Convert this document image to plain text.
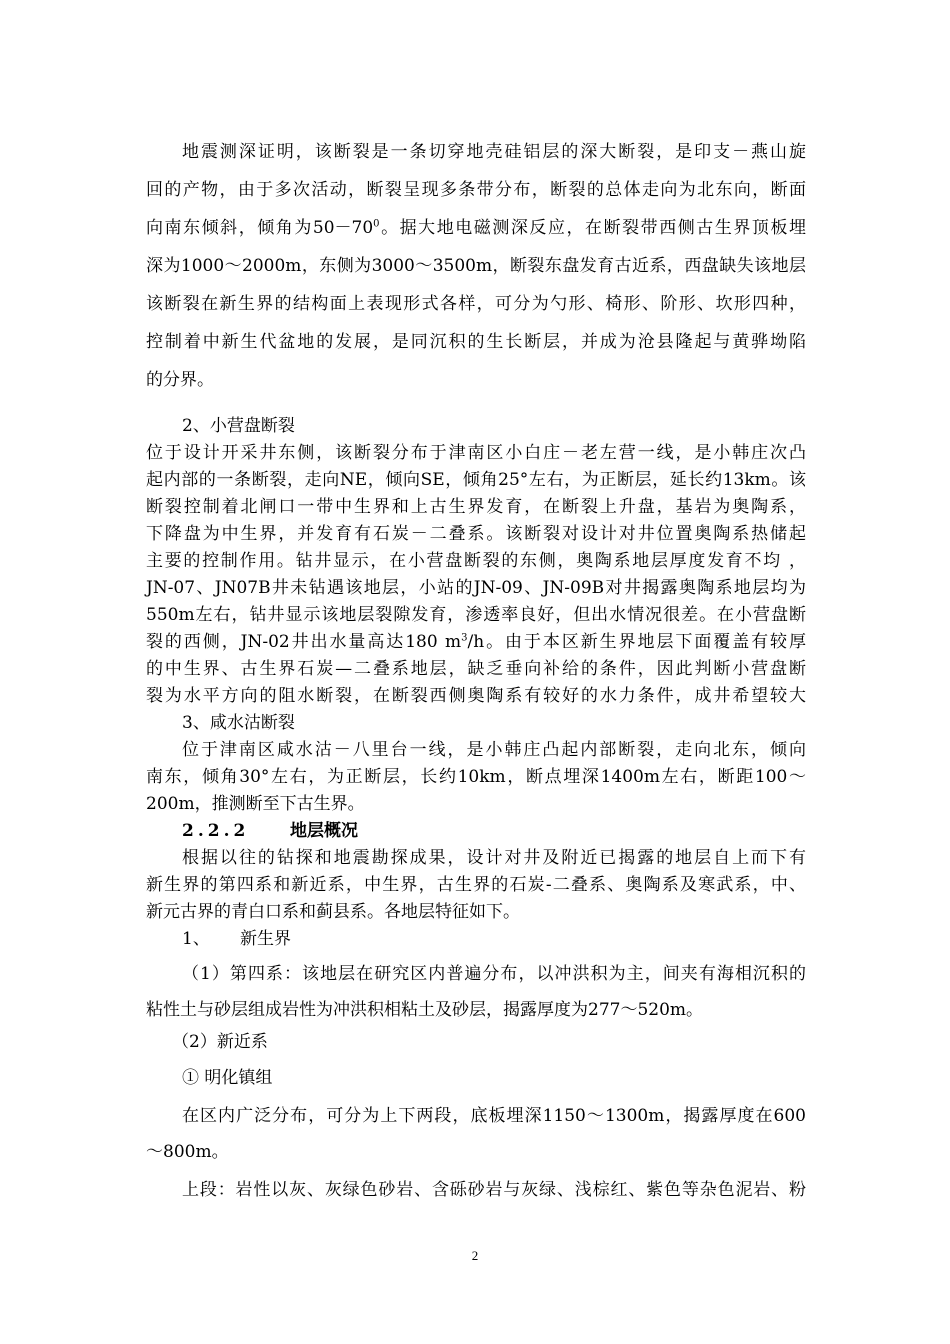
地震测深证明，该断裂是一条切穿地壳硅铝层的深大断裂，是印支－燕山旋
回的产物，由于多次活动，断裂呈现多条带分布，断裂的总体走向为北东向，断面
向南东倾斜，倾角为$50-70^0$。据大地电磁测深反应，在断裂带西侧古生界顶板埋
深为1000～2000m，东侧为3000～3500m，断裂东盘发育古近系，西盘缺失该地层
该断裂在新生界的结构面上表现形式各样，可分为勺形、椅形、阶形、坎形四种，
控制着中新生代盆地的发展，是同沉积的生长断层，并成为沧县隆起与黄骅坳陷
的分界。
2、小营盘断裂
位于设计开采井东侧，该断裂分布于津南区小白庄－老左营一线，是小韩庄次凸
起内部的一条断裂，走向NE，倾向SE，倾角25°左右，为正断层，延长约13km。该
断裂控制着北闸口一带中生界和上古生界发育，在断裂上升盘，基岩为奥陶系，
下降盘为中生界，并发育有石炭－二叠系。该断裂对设计对井位置奥陶系热储起
主要的控制作用。钻井显示，在小营盘断裂的东侧，奥陶系地层厚度发育不均 ，
JN-07、JN07B井未钻遇该地层，小站的JN-09、JN-09B对井揭露奥陶系地层均为
550m左右，钻井显示该地层裂隙发育，渗透率良好，但出水情况很差。在小营盘断
裂的西侧，JN-02井出水量高达180 $m^3/h$。由于本区新生界地层下面覆盖有较厚
的中生界、古生界石炭—二叠系地层，缺乏垂向补给的条件，因此判断小营盘断
裂为水平方向的阻水断裂，在断裂西侧奥陶系有较好的水力条件，成井希望较大
3、咸水沽断裂
位于津南区咸水沽－八里台一线，是小韩庄凸起内部断裂，走向北东，倾向
南东，倾角30°左右，为正断层，长约10km，断点埋深1400m左右，断距100～
200m，推测断至下古生界。
2.2.2	地层概况
根据以往的钻探和地震勘探成果，设计对井及附近已揭露的地层自上而下有
新生界的第四系和新近系，中生界，古生界的石炭-二叠系、奥陶系及寒武系，中、
新元古界的青白口系和蓟县系。各地层特征如下。
1、	新生界
（1）第四系：该地层在研究区内普遍分布，以冲洪积为主，间夹有海相沉积的
粘性土与砂层组成岩性为冲洪积相粘土及砂层，揭露厚度为277～520m。
（2）新近系
① 明化镇组
在区内广泛分布，可分为上下两段，底板埋深1150～1300m，揭露厚度在600
～800m。
上段：岩性以灰、灰绿色砂岩、含砾砂岩与灰绿、浅棕红、紫色等杂色泥岩、粉
2
